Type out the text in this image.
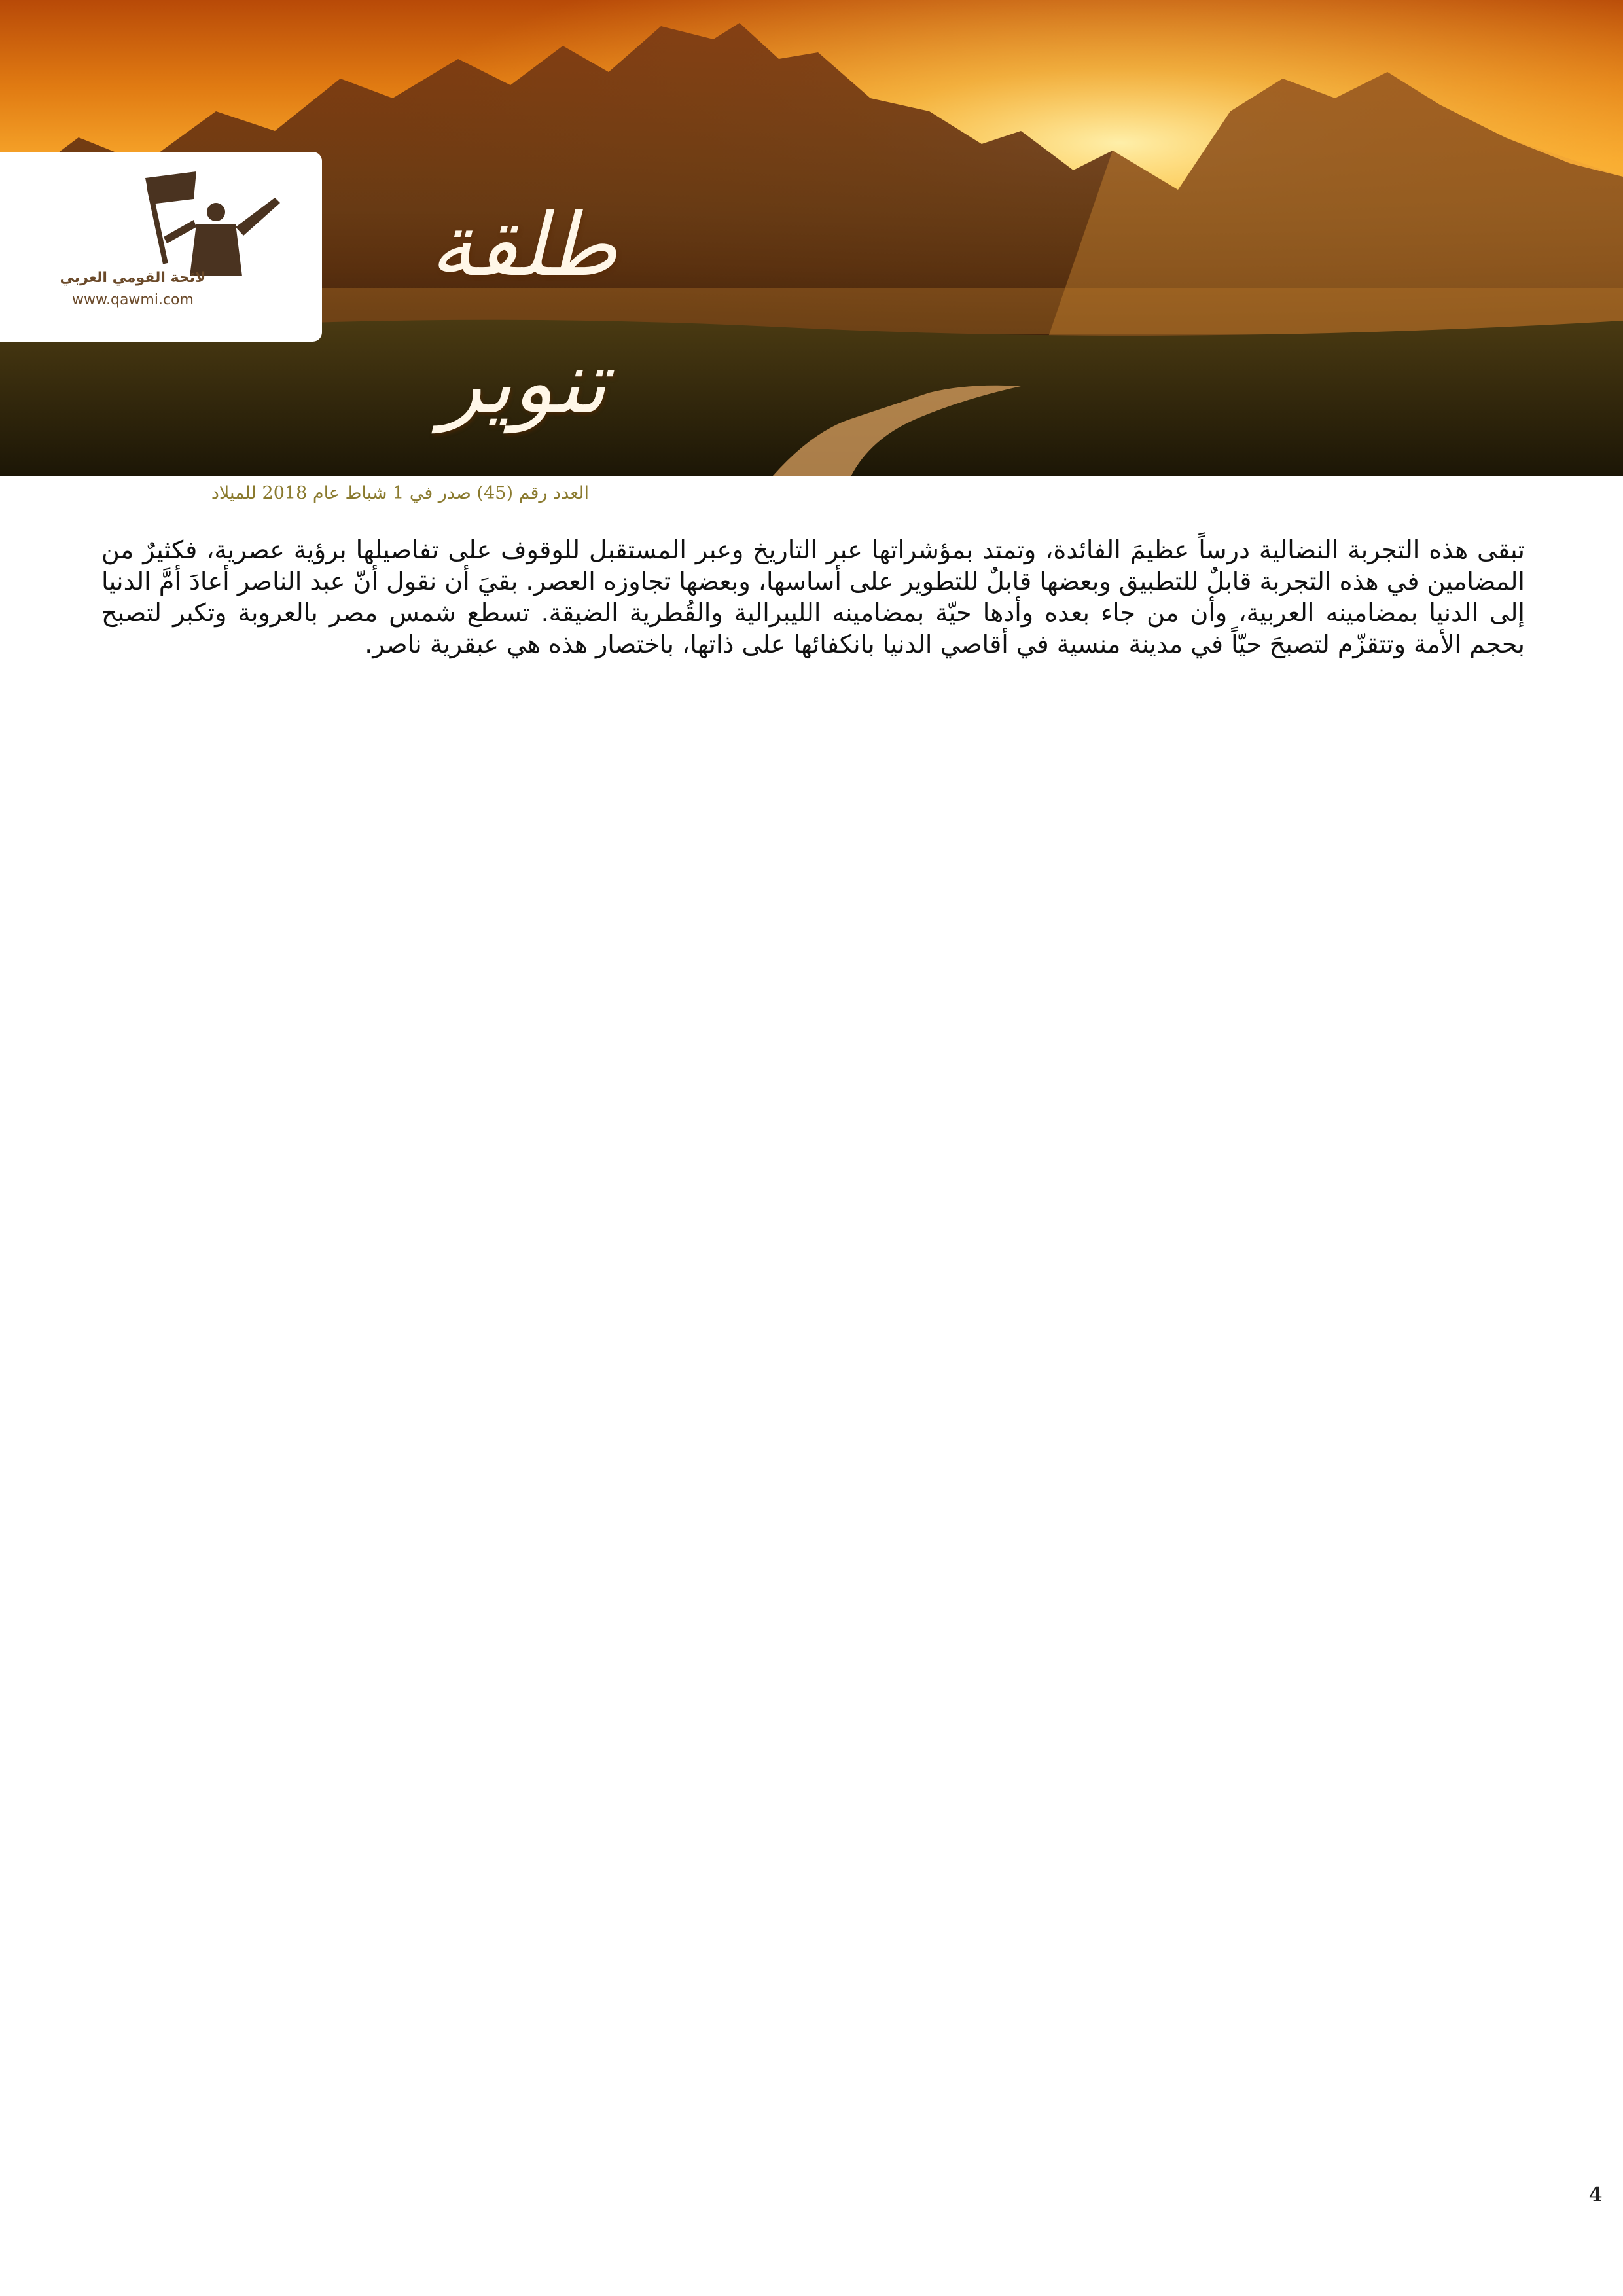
لائحة القومي العربي
www.qawmi.com
طلقة تنوير
العدد رقم (45) صدر في 1 شباط عام 2018 للميلاد
تبقى هذه التجربة النضالية درساً عظيمَ الفائدة، وتمتد بمؤشراتها عبر التاريخ وعبر المستقبل للوقوف على تفاصيلها برؤية عصرية، فكثيرٌ من المضامين في هذه التجربة قابلٌ للتطبيق وبعضها قابلٌ للتطوير على أساسها، وبعضها تجاوزه العصر. بقيَ أن نقول أنّ عبد الناصر أعادَ أمَّ الدنيا إلى الدنيا بمضامينه العربية، وأن من جاء بعده وأدها حيّة بمضامينه الليبرالية والقُطرية الضيقة. تسطع شمس مصر بالعروبة وتكبر لتصبح بحجم الأمة وتتقزّم لتصبحَ حيّاً في مدينة منسية في أقاصي الدنيا بانكفائها على ذاتها، باختصار هذه هي عبقرية ناصر.
4
